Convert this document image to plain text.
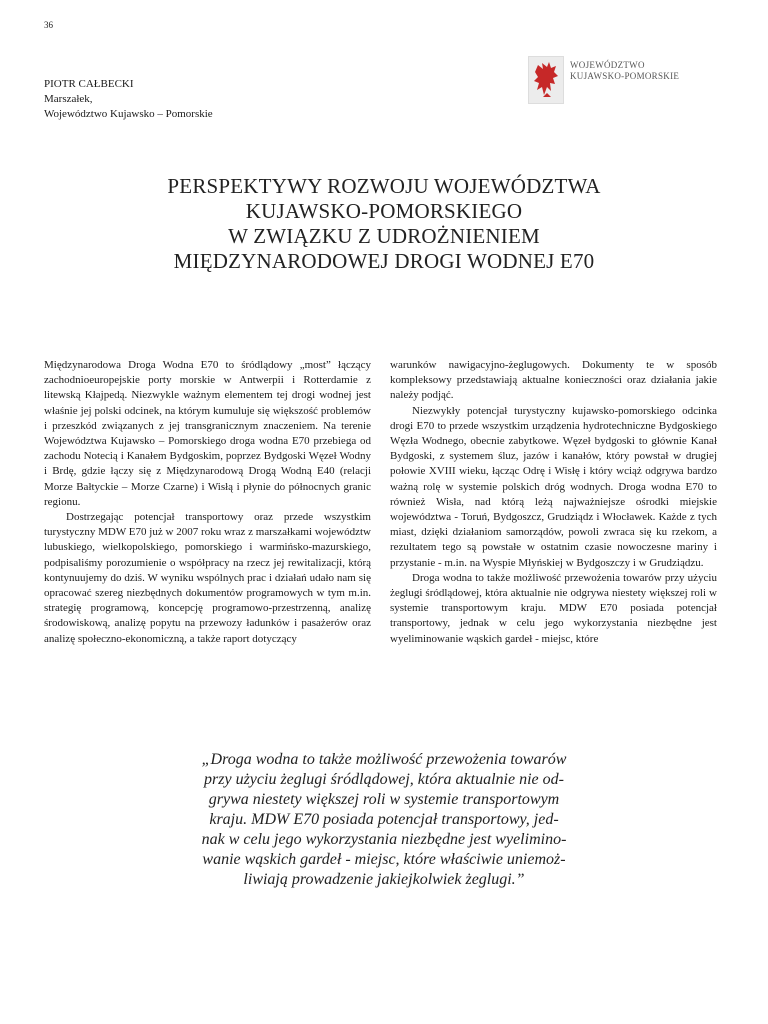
36
PIOTR CAŁBECKI
Marszałek,
Województwo Kujawsko – Pomorskie
WOJEWÓDZTWO
KUJAWSKO-POMORSKIE
PERSPEKTYWY ROZWOJU WOJEWÓDZTWA
KUJAWSKO-POMORSKIEGO
W ZWIĄZKU Z UDROŻNIENIEM
MIĘDZYNARODOWEJ DROGI WODNEJ E70

Międzynarodowa Droga Wodna E70 to śródlądowy „most” łączący zachodnioeuropejskie porty morskie w Antwerpii i Rotterdamie z litewską Kłajpedą. Niezwykle ważnym elementem tej drogi wodnej jest właśnie jej polski odcinek, na którym kumuluje się większość problemów i przeszkód związanych z jej transgranicznym znaczeniem. Na terenie Województwa Kujawsko – Pomorskiego droga wodna E70 przebiega od zachodu Notecią i Kanałem Bydgoskim, poprzez Bydgoski Węzeł Wodny i Brdę, gdzie łączy się z Międzynarodową Drogą Wodną E40 (relacji Morze Bałtyckie – Morze Czarne) i Wisłą i płynie do północnych granic regionu.

Dostrzegając potencjał transportowy oraz przede wszystkim turystyczny MDW E70 już w 2007 roku wraz z marszałkami województw lubuskiego, wielkopolskiego, pomorskiego i warmińsko-mazurskiego, podpisaliśmy porozumienie o współpracy na rzecz jej rewitalizacji, którą kontynuujemy do dziś. W wyniku wspólnych prac i działań udało nam się opracować szereg niezbędnych dokumentów programowych w tym m.in. strategię programową, koncepcję programowo-przestrzenną, analizę środowiskową, analizę popytu na przewozy ładunków i pasażerów oraz analizę społeczno-ekonomiczną, a także raport dotyczący

warunków nawigacyjno-żeglugowych. Dokumenty te w sposób kompleksowy przedstawiają aktualne konieczności oraz działania jakie należy podjąć.

Niezwykły potencjał turystyczny kujawsko-pomorskiego odcinka drogi E70 to przede wszystkim urządzenia hydrotechniczne Bydgoskiego Węzła Wodnego, obecnie zabytkowe. Węzeł bydgoski to głównie Kanał Bydgoski, z systemem śluz, jazów i kanałów, który powstał w drugiej połowie XVIII wieku, łącząc Odrę i Wisłę i który wciąż odgrywa bardzo ważną rolę w systemie polskich dróg wodnych. Droga wodna E70 to również Wisła, nad którą leżą najważniejsze ośrodki miejskie województwa - Toruń, Bydgoszcz, Grudziądz i Włocławek. Każde z tych miast, dzięki działaniom samorządów, powoli zwraca się ku rzekom, a rezultatem tego są powstałe w ostatnim czasie nowoczesne mariny i przystanie - m.in. na Wyspie Młyńskiej w Bydgoszczy i w Grudziądzu.

Droga wodna to także możliwość przewożenia towarów przy użyciu żeglugi śródlądowej, która aktualnie nie odgrywa niestety większej roli w systemie transportowym kraju. MDW E70 posiada potencjał transportowy, jednak w celu jego wykorzystania niezbędne jest wyeliminowanie wąskich gardeł - miejsc, które

„Droga wodna to także możliwość przewożenia towarów
przy użyciu żeglugi śródlądowej, która aktualnie nie od-
grywa niestety większej roli w systemie transportowym
kraju. MDW E70 posiada potencjał transportowy, jed-
nak w celu jego wykorzystania niezbędne jest wyelimino-
wanie wąskich gardeł - miejsc, które właściwie uniemoż-
liwiają prowadzenie jakiejkolwiek żeglugi.”
